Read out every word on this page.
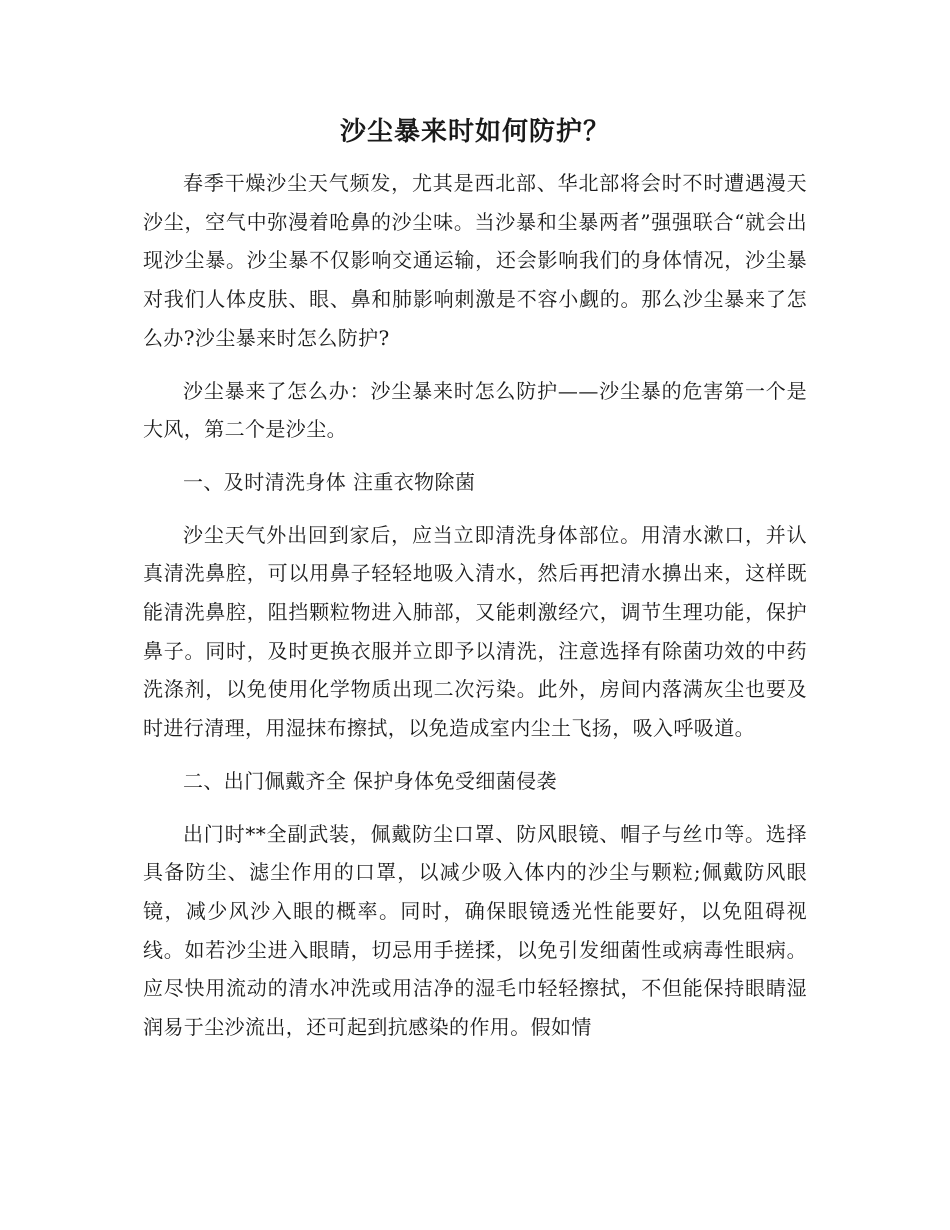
沙尘暴来时如何防护？

春季干燥沙尘天气频发，尤其是西北部、华北部将会时不时遭遇漫天沙尘，空气中弥漫着呛鼻的沙尘味。当沙暴和尘暴两者”强强联合“就会出现沙尘暴。沙尘暴不仅影响交通运输，还会影响我们的身体情况，沙尘暴对我们人体皮肤、眼、鼻和肺影响刺激是不容小觑的。那么沙尘暴来了怎么办?沙尘暴来时怎么防护?

沙尘暴来了怎么办：沙尘暴来时怎么防护——沙尘暴的危害第一个是大风，第二个是沙尘。

一、及时清洗身体 注重衣物除菌

沙尘天气外出回到家后，应当立即清洗身体部位。用清水漱口，并认真清洗鼻腔，可以用鼻子轻轻地吸入清水，然后再把清水擤出来，这样既能清洗鼻腔，阻挡颗粒物进入肺部，又能刺激经穴，调节生理功能，保护鼻子。同时，及时更换衣服并立即予以清洗，注意选择有除菌功效的中药洗涤剂，以免使用化学物质出现二次污染。此外，房间内落满灰尘也要及时进行清理，用湿抹布擦拭，以免造成室内尘土飞扬，吸入呼吸道。

二、出门佩戴齐全 保护身体免受细菌侵袭

出门时**全副武装，佩戴防尘口罩、防风眼镜、帽子与丝巾等。选择具备防尘、滤尘作用的口罩，以减少吸入体内的沙尘与颗粒;佩戴防风眼镜，减少风沙入眼的概率。同时，确保眼镜透光性能要好，以免阻碍视线。如若沙尘进入眼睛，切忌用手搓揉，以免引发细菌性或病毒性眼病。应尽快用流动的清水冲洗或用洁净的湿毛巾轻轻擦拭，不但能保持眼睛湿润易于尘沙流出，还可起到抗感染的作用。假如情
